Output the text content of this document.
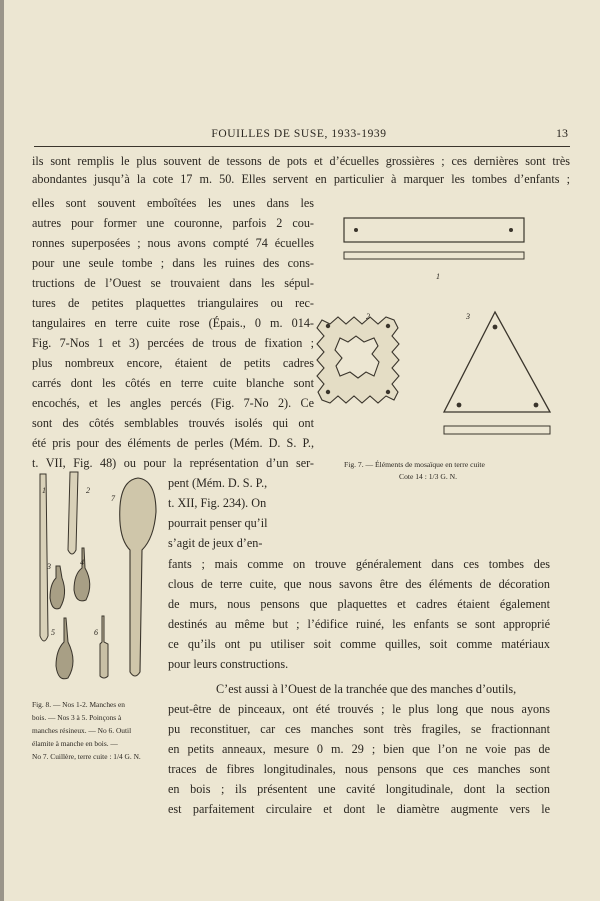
FOUILLES DE SUSE, 1933-1939	13
ils sont remplis le plus souvent de tessons de pots et d’écuelles grossières ; ces dernières sont très
abondantes jusqu’à la cote 17 m. 50. Elles servent en particulier à marquer les tombes d’enfants ;
elles sont souvent emboîtées les unes dans les
autres pour former une couronne, parfois 2 cou-
ronnes superposées ; nous avons compté 74 écuelles
pour une seule tombe ; dans les ruines des cons-
tructions de l’Ouest se trouvaient dans les sépul-
tures de petites plaquettes triangulaires ou rec-
tangulaires en terre cuite rose (Épais., 0 m. 014-
Fig. 7-Nos 1 et 3) percées de trous de fixation ;
plus nombreux encore, étaient de petits cadres
carrés dont les côtés en terre cuite blanche sont
encochés, et les angles percés (Fig. 7-No 2). Ce
sont des côtés semblables trouvés isolés qui ont
été pris pour des éléments de perles (Mém. D. S. P.,
t. VII, Fig. 48) ou pour la représentation d’un ser-
pent (Mém. D. S. P.,
t. XII, Fig. 234). On
pourrait penser qu’il
s’agit de jeux d’en-
fants ; mais comme on trouve généralement dans ces tombes des
clous de terre cuite, que nous savons être des éléments de décoration
de murs, nous pensons que plaquettes et cadres étaient également
destinés au même but ; l’édifice ruiné, les enfants se sont approprié
ce qu’ils ont pu utiliser soit comme quilles, soit comme matériaux
pour leurs constructions.
C’est aussi à l’Ouest de la tranchée que des manches d’outils,
peut-être de pinceaux, ont été trouvés ; le plus long que nous ayons
pu reconstituer, car ces manches sont très fragiles, se fractionnant
en petits anneaux, mesure 0 m. 29 ; bien que l’on ne voie pas de
traces de fibres longitudinales, nous pensons que ces manches sont
en bois ; ils présentent une cavité longitudinale, dont la section
est parfaitement circulaire et dont le diamètre augmente vers le
1
2	3
Fig. 7. — Éléments de mosaïque en terre cuite
Cote 14 : 1/3 G. N.
1	2
3	4
5	6
7
Fig. 8. — Nos 1-2. Manches en
bois. — Nos 3 à 5. Poinçons à
manches résineux. — No 6. Outil
élamite à manche en bois. —
No 7. Cuillère, terre cuite : 1/4 G. N.
